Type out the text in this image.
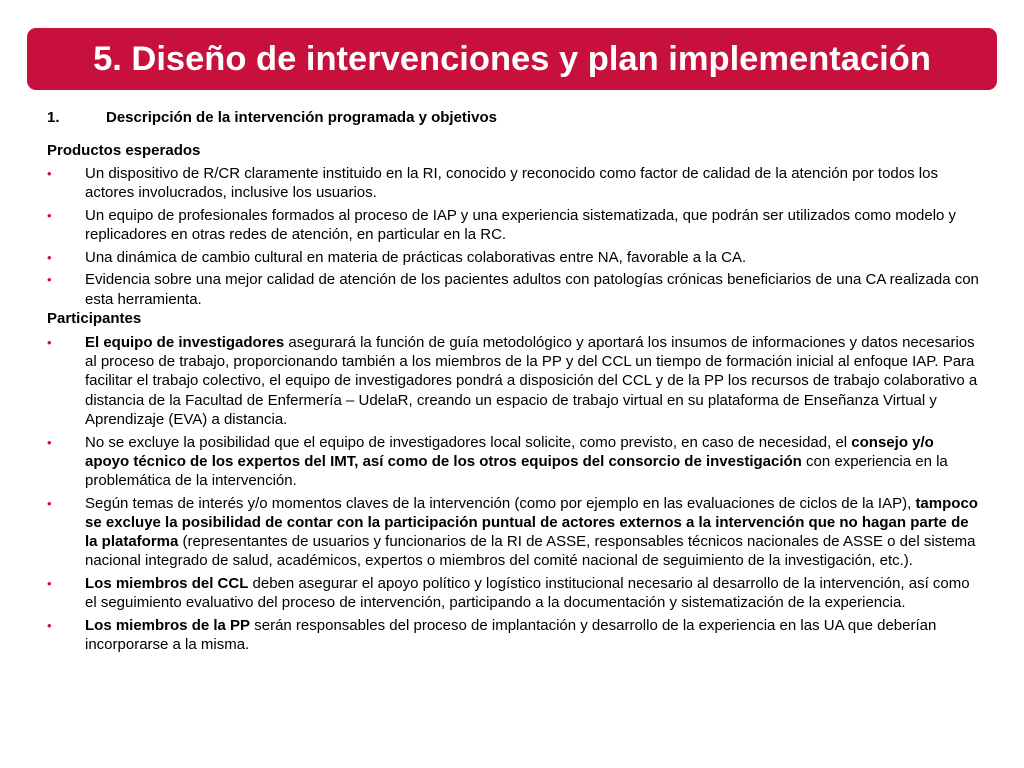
5. Diseño de intervenciones y plan implementación
1.	Descripción de la intervención programada y objetivos
Productos esperados
•	Un dispositivo de R/CR claramente instituido en la RI, conocido y reconocido como factor de calidad de la atención por todos los actores involucrados, inclusive los usuarios.
•	Un equipo de profesionales formados al proceso de IAP y una experiencia sistematizada, que podrán ser utilizados como modelo y replicadores en otras redes de atención, en particular en la RC.
•	Una dinámica de cambio cultural en materia de prácticas colaborativas entre NA, favorable a la CA.
•	Evidencia sobre una mejor calidad de atención de los pacientes adultos con patologías crónicas beneficiarios de una CA realizada con esta herramienta.
Participantes
•	El equipo de investigadores asegurará la función de guía metodológico y aportará los insumos de informaciones y datos necesarios al proceso de trabajo, proporcionando también a los miembros de la PP y del CCL un tiempo de formación inicial al enfoque IAP. Para facilitar el trabajo colectivo, el equipo de investigadores pondrá a disposición del CCL y de la PP los recursos de trabajo colaborativo a distancia de la Facultad de Enfermería – UdelaR, creando un espacio de trabajo virtual en su plataforma de Enseñanza Virtual y Aprendizaje (EVA) a distancia.
•	No se excluye la posibilidad que el equipo de investigadores local solicite, como previsto, en caso de necesidad, el consejo y/o apoyo técnico de los expertos del IMT, así como de los otros equipos del consorcio de investigación con experiencia en la problemática de la intervención.
•	Según temas de interés y/o momentos claves de la intervención (como por ejemplo en las evaluaciones de ciclos de la IAP), tampoco se excluye la posibilidad de contar con la participación puntual de actores externos a la intervención que no hagan parte de la plataforma (representantes de usuarios y funcionarios de la RI de ASSE, responsables técnicos nacionales de ASSE o del sistema nacional integrado de salud, académicos, expertos o miembros del comité nacional de seguimiento de la investigación, etc.).
•	Los miembros del CCL deben asegurar el apoyo político y logístico institucional necesario al desarrollo de la intervención, así como el seguimiento evaluativo del proceso de intervención, participando a la documentación y sistematización de la experiencia.
•	Los miembros de la PP serán responsables del proceso de implantación y desarrollo de la experiencia en las UA que deberían incorporarse a la misma.
